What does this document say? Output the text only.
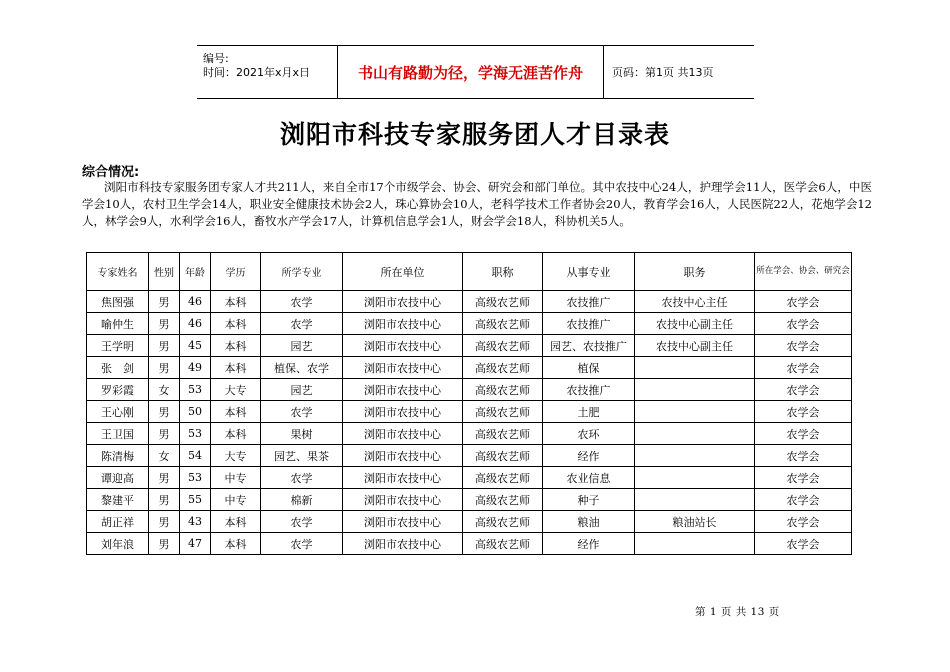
编号:
时间：2021年x月x日	书山有路勤为径，学海无涯苦作舟	页码：第1页 共13页
浏阳市科技专家服务团人才目录表
综合情况:
浏阳市科技专家服务团专家人才共211人，来自全市17个市级学会、协会、研究会和部门单位。其中农技中心24人，护理学会11人，医学会6人，中医学会10人，农村卫生学会14人，职业安全健康技术协会2人，珠心算协会10人，老科学技术工作者协会20人，教育学会16人，人民医院22人，花炮学会12人，林学会9人，水利学会16人，畜牧水产学会17人，计算机信息学会1人，财会学会18人，科协机关5人。
专家姓名	性别	年龄	学历	所学专业	所在单位	职称	从事专业	职务	所在学会、协会、研究会
焦图强	男	46	本科	农学	浏阳市农技中心	高级农艺师	农技推广	农技中心主任	农学会
喻仲生	男	46	本科	农学	浏阳市农技中心	高级农艺师	农技推广	农技中心副主任	农学会
王学明	男	45	本科	园艺	浏阳市农技中心	高级农艺师	园艺、农技推广	农技中心副主任	农学会
张　剑	男	49	本科	植保、农学	浏阳市农技中心	高级农艺师	植保		农学会
罗彩霞	女	53	大专	园艺	浏阳市农技中心	高级农艺师	农技推广		农学会
王心刚	男	50	本科	农学	浏阳市农技中心	高级农艺师	土肥		农学会
王卫国	男	53	本科	果树	浏阳市农技中心	高级农艺师	农环		农学会
陈清梅	女	54	大专	园艺、果茶	浏阳市农技中心	高级农艺师	经作		农学会
谭迎高	男	53	中专	农学	浏阳市农技中心	高级农艺师	农业信息		农学会
黎建平	男	55	中专	棉新	浏阳市农技中心	高级农艺师	种子		农学会
胡正祥	男	43	本科	农学	浏阳市农技中心	高级农艺师	粮油	粮油站长	农学会
刘年浪	男	47	本科	农学	浏阳市农技中心	高级农艺师	经作		农学会
第 1 页 共 13 页
